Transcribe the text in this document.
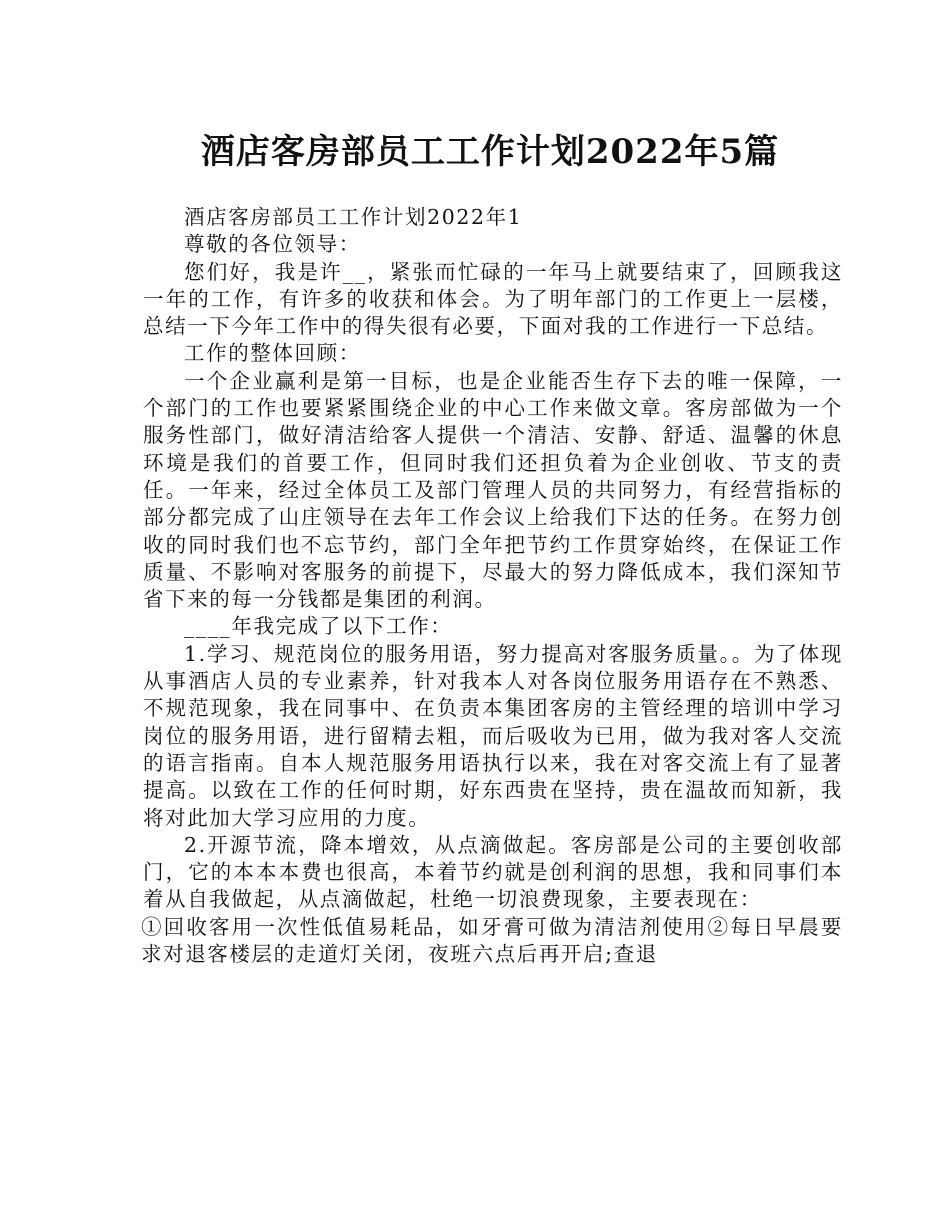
酒店客房部员工工作计划2022年5篇

酒店客房部员工工作计划2022年1

尊敬的各位领导：

您们好，我是许__，紧张而忙碌的一年马上就要结束了，回顾我这一年的工作，有许多的收获和体会。为了明年部门的工作更上一层楼，总结一下今年工作中的得失很有必要，下面对我的工作进行一下总结。

工作的整体回顾：

一个企业赢利是第一目标，也是企业能否生存下去的唯一保障，一个部门的工作也要紧紧围绕企业的中心工作来做文章。客房部做为一个服务性部门，做好清洁给客人提供一个清洁、安静、舒适、温馨的休息环境是我们的首要工作，但同时我们还担负着为企业创收、节支的责任。一年来，经过全体员工及部门管理人员的共同努力，有经营指标的部分都完成了山庄领导在去年工作会议上给我们下达的任务。在努力创收的同时我们也不忘节约，部门全年把节约工作贯穿始终，在保证工作质量、不影响对客服务的前提下，尽最大的努力降低成本，我们深知节省下来的每一分钱都是集团的利润。

____年我完成了以下工作：

1.学习、规范岗位的服务用语，努力提高对客服务质量。。为了体现从事酒店人员的专业素养，针对我本人对各岗位服务用语存在不熟悉、不规范现象，我在同事中、在负责本集团客房的主管经理的培训中学习岗位的服务用语，进行留精去粗，而后吸收为已用，做为我对客人交流的语言指南。自本人规范服务用语执行以来，我在对客交流上有了显著提高。以致在工作的任何时期，好东西贵在坚持，贵在温故而知新，我将对此加大学习应用的力度。

2.开源节流，降本增效，从点滴做起。客房部是公司的主要创收部门，它的本本本费也很高，本着节约就是创利润的思想，我和同事们本着从自我做起，从点滴做起，杜绝一切浪费现象，主要表现在：

①回收客用一次性低值易耗品，如牙膏可做为清洁剂使用②每日早晨要求对退客楼层的走道灯关闭，夜班六点后再开启;查退
